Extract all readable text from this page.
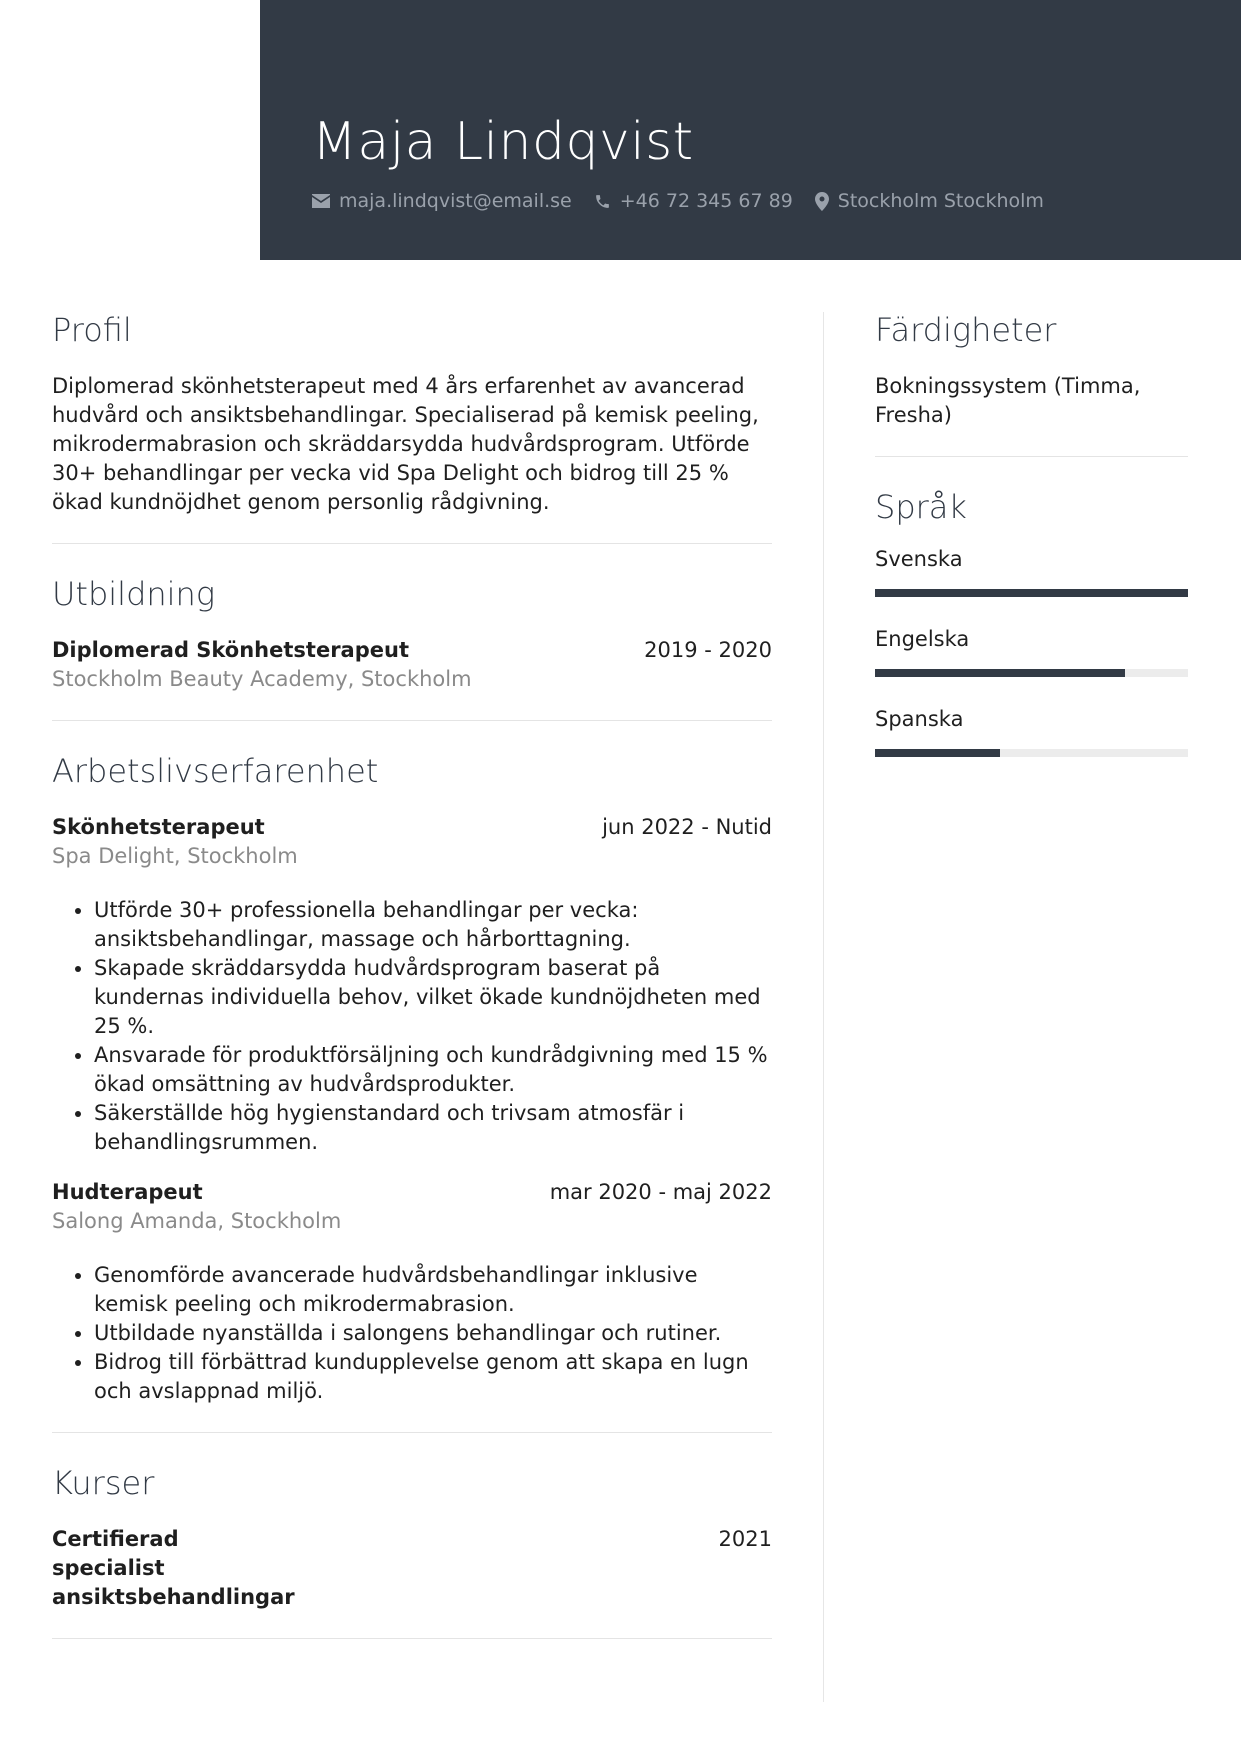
Maja Lindqvist
maja.lindqvist@email.se	+46 72 345 67 89 Stockholm Stockholm
Profil
Diplomerad skönhetsterapeut med 4 års erfarenhet av avancerad hudvård och ansiktsbehandlingar. Specialiserad på kemisk peeling, mikrodermabrasion och skräddarsydda hudvårdsprogram. Utförde 30+ behandlingar per vecka vid Spa Delight och bidrog till 25 % ökad kundnöjdhet genom personlig rådgivning.
Utbildning
Diplomerad Skönhetsterapeut	2019 - 2020
Stockholm Beauty Academy, Stockholm
Arbetslivserfarenhet
Skönhetsterapeut	jun 2022 - Nutid
Spa Delight, Stockholm
• Utförde 30+ professionella behandlingar per vecka: ansiktsbehandlingar, massage och hårborttagning.
• Skapade skräddarsydda hudvårdsprogram baserat på kundernas individuella behov, vilket ökade kundnöjdheten med 25 %.
• Ansvarade för produktförsäljning och kundrådgivning med 15 % ökad omsättning av hudvårdsprodukter.
• Säkerställde hög hygienstandard och trivsam atmosfär i behandlingsrummen.
Hudterapeut	mar 2020 - maj 2022
Salong Amanda, Stockholm
• Genomförde avancerade hudvårdsbehandlingar inklusive kemisk peeling och mikrodermabrasion.
• Utbildade nyanställda i salongens behandlingar och rutiner.
• Bidrog till förbättrad kundupplevelse genom att skapa en lugn och avslappnad miljö.
Kurser
Certifierad specialist ansiktsbehandlingar
2021
Färdigheter
Bokningssystem (Timma, Fresha)
Språk
Svenska
Engelska
Spanska
